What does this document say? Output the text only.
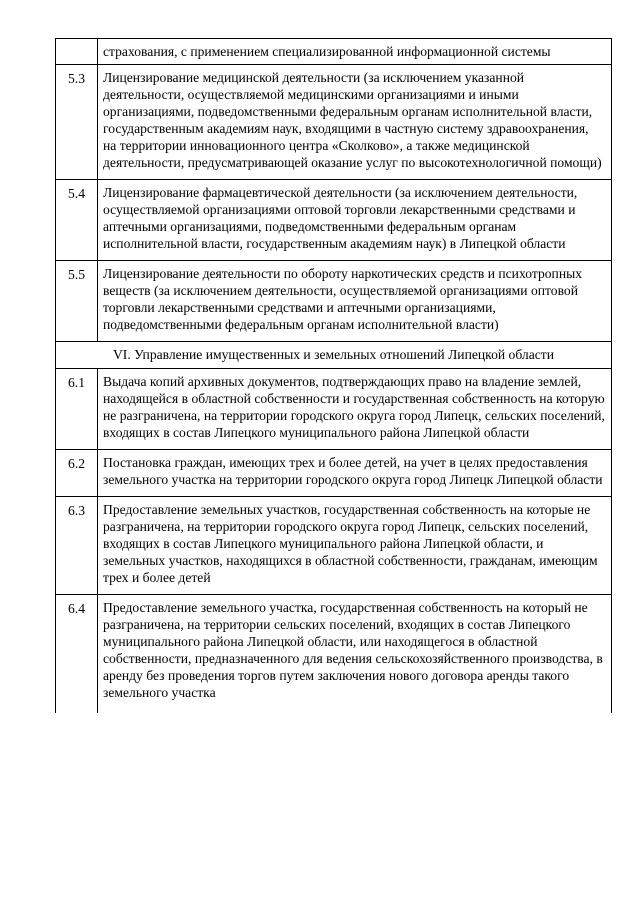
	страхования, с применением специализированной информационной системы
5.3	Лицензирование медицинской деятельности (за исключением указанной деятельности, осуществляемой медицинскими организациями и иными организациями, подведомственными федеральным органам исполнительной власти, государственным академиям наук, входящими в частную систему здравоохранения, на территории инновационного центра «Сколково», а также медицинской деятельности, предусматривающей оказание услуг по высокотехнологичной помощи)
5.4	Лицензирование фармацевтической деятельности (за исключением деятельности, осуществляемой организациями оптовой торговли лекарственными средствами и аптечными организациями, подведомственными федеральным органам исполнительной власти, государственным академиям наук) в Липецкой области
5.5	Лицензирование деятельности по обороту наркотических средств и психотропных веществ (за исключением деятельности, осуществляемой организациями оптовой торговли лекарственными средствами и аптечными организациями, подведомственными федеральным органам исполнительной власти)
VI. Управление имущественных и земельных отношений Липецкой области	
6.1	Выдача копий архивных документов, подтверждающих право на владение землей, находящейся в областной собственности и государственная собственность на которую не разграничена, на территории городского округа город Липецк, сельских поселений, входящих в состав Липецкого муниципального района Липецкой области
6.2	Постановка граждан, имеющих трех и более детей, на учет в целях предоставления земельного участка на территории городского округа город Липецк Липецкой области
6.3	Предоставление земельных участков, государственная собственность на которые не разграничена, на территории городского округа город Липецк, сельских поселений, входящих в состав Липецкого муниципального района Липецкой области, и земельных участков, находящихся в областной собственности, гражданам, имеющим трех и более детей
6.4	Предоставление земельного участка, государственная собственность на который не разграничена, на территории сельских поселений, входящих в состав Липецкого муниципального района Липецкой области, или находящегося в областной собственности, предназначенного для ведения сельскохозяйственного производства, в аренду без проведения торгов путем заключения нового договора аренды такого земельного участка
